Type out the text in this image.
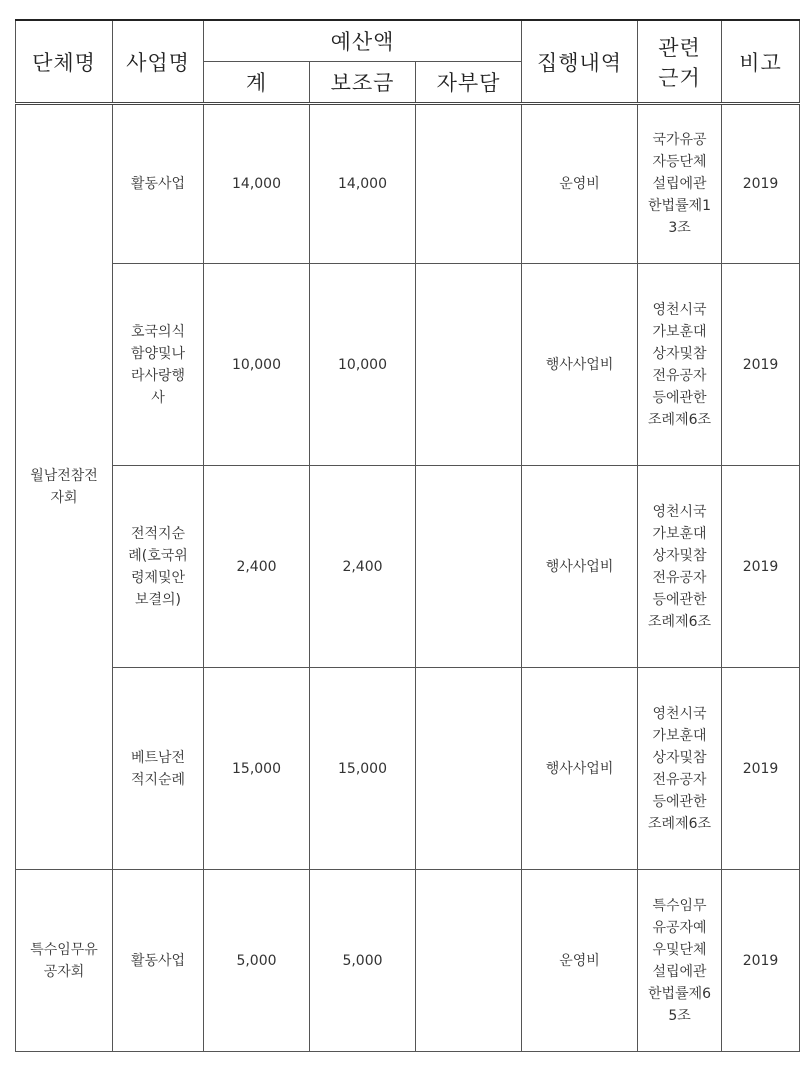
단체명	사업명	예산액			집행내역	관련근거	비고
		계	보조금	자부담			

월남전참전자회	활동사업	14,000	14,000		운영비	국가유공자등단체설립에관한법률제13조	2019

	호국의식함양및나라사랑행사	10,000	10,000		행사사업비	영천시국가보훈대상자및참전유공자등에관한조례제6조	2019

	전적지순례(호국위령제및안보결의)	2,400	2,400		행사사업비	영천시국가보훈대상자및참전유공자등에관한조례제6조	2019

	베트남전적지순례	15,000	15,000		행사사업비	영천시국가보훈대상자및참전유공자등에관한조례제6조	2019

특수임무유공자회	활동사업	5,000	5,000		운영비	특수임무유공자예우및단체설립에관한법률제65조	2019
